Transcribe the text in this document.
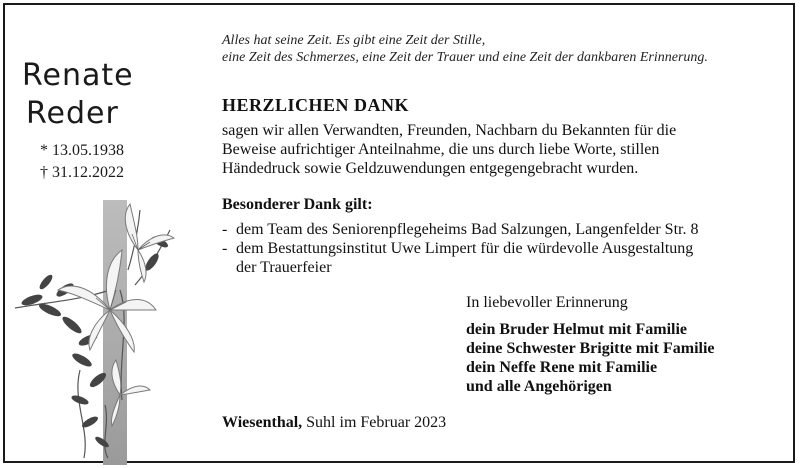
Renate
Reder
* 13.05.1938
† 31.12.2022
Alles hat seine Zeit. Es gibt eine Zeit der Stille,
eine Zeit des Schmerzes, eine Zeit der Trauer und eine Zeit der dankbaren Erinnerung.
HERZLICHEN DANK
sagen wir allen Verwandten, Freunden, Nachbarn du Bekannten für die
Beweise aufrichtiger Anteilnahme, die uns durch liebe Worte, stillen
Händedruck sowie Geldzuwendungen entgegengebracht wurden.
Besonderer Dank gilt:
- dem Team des Seniorenpflegeheims Bad Salzungen, Langenfelder Str. 8
- dem Bestattungsinstitut Uwe Limpert für die würdevolle Ausgestaltung
der Trauerfeier
In liebevoller Erinnerung
dein Bruder Helmut mit Familie
deine Schwester Brigitte mit Familie
dein Neffe Rene mit Familie
und alle Angehörigen
Wiesenthal, Suhl im Februar 2023
